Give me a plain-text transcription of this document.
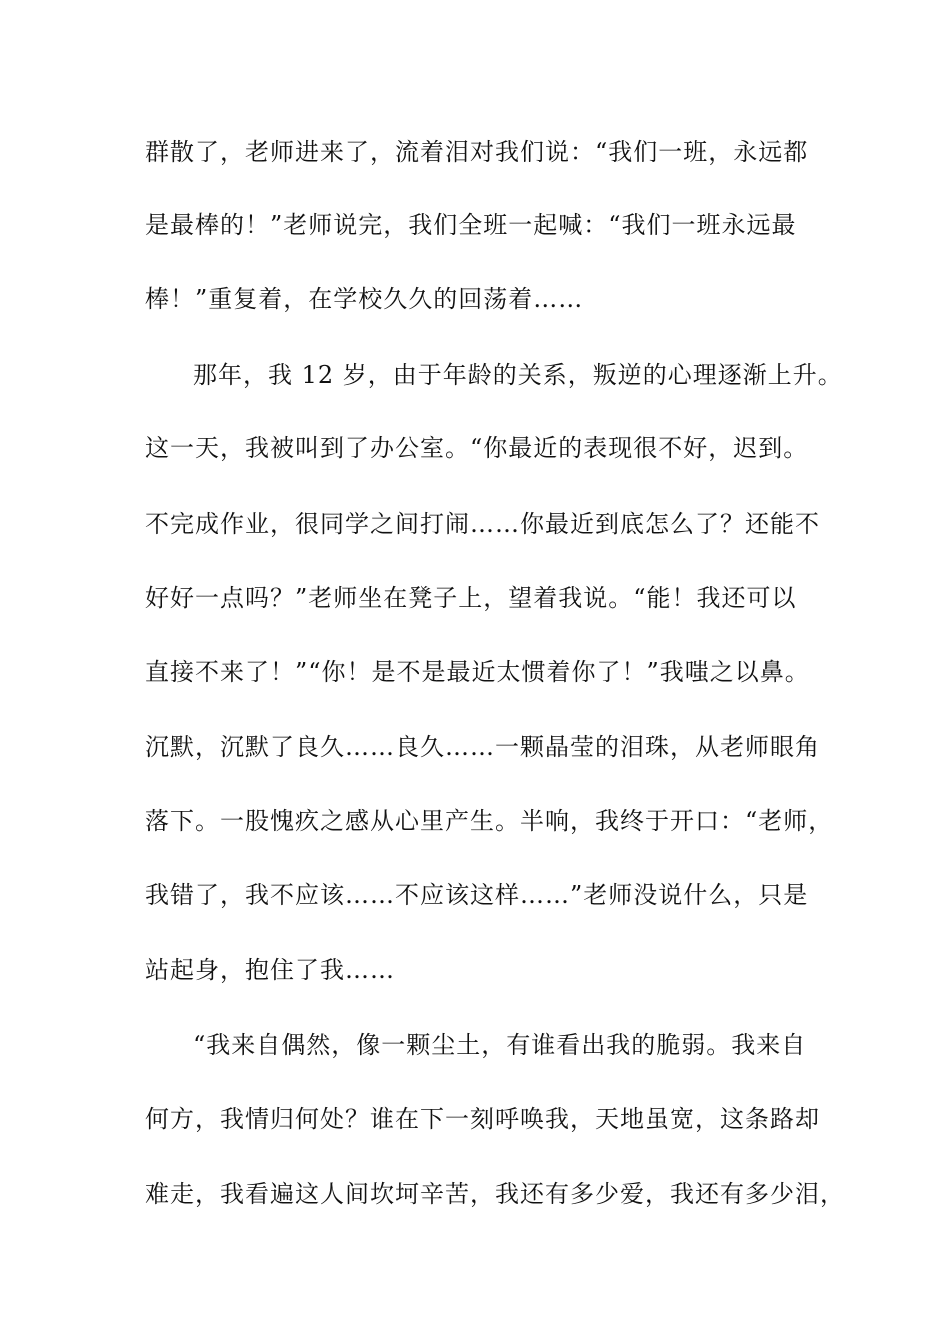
群散了，老师进来了，流着泪对我们说：“我们一班，永远都
是最棒的！”老师说完，我们全班一起喊：“我们一班永远最
棒！”重复着，在学校久久的回荡着……
那年，我 12 岁，由于年龄的关系，叛逆的心理逐渐上升。
这一天，我被叫到了办公室。“你最近的表现很不好，迟到。
不完成作业，很同学之间打闹……你最近到底怎么了？还能不
好好一点吗？”老师坐在凳子上，望着我说。“能！我还可以
直接不来了！”“你！是不是最近太惯着你了！”我嗤之以鼻。
沉默，沉默了良久……良久……一颗晶莹的泪珠，从老师眼角
落下。一股愧疚之感从心里产生。半响，我终于开口：“老师，
我错了，我不应该……不应该这样……”老师没说什么，只是
站起身，抱住了我……
“我来自偶然，像一颗尘土，有谁看出我的脆弱。我来自
何方，我情归何处？谁在下一刻呼唤我，天地虽宽，这条路却
难走，我看遍这人间坎坷辛苦，我还有多少爱，我还有多少泪，
